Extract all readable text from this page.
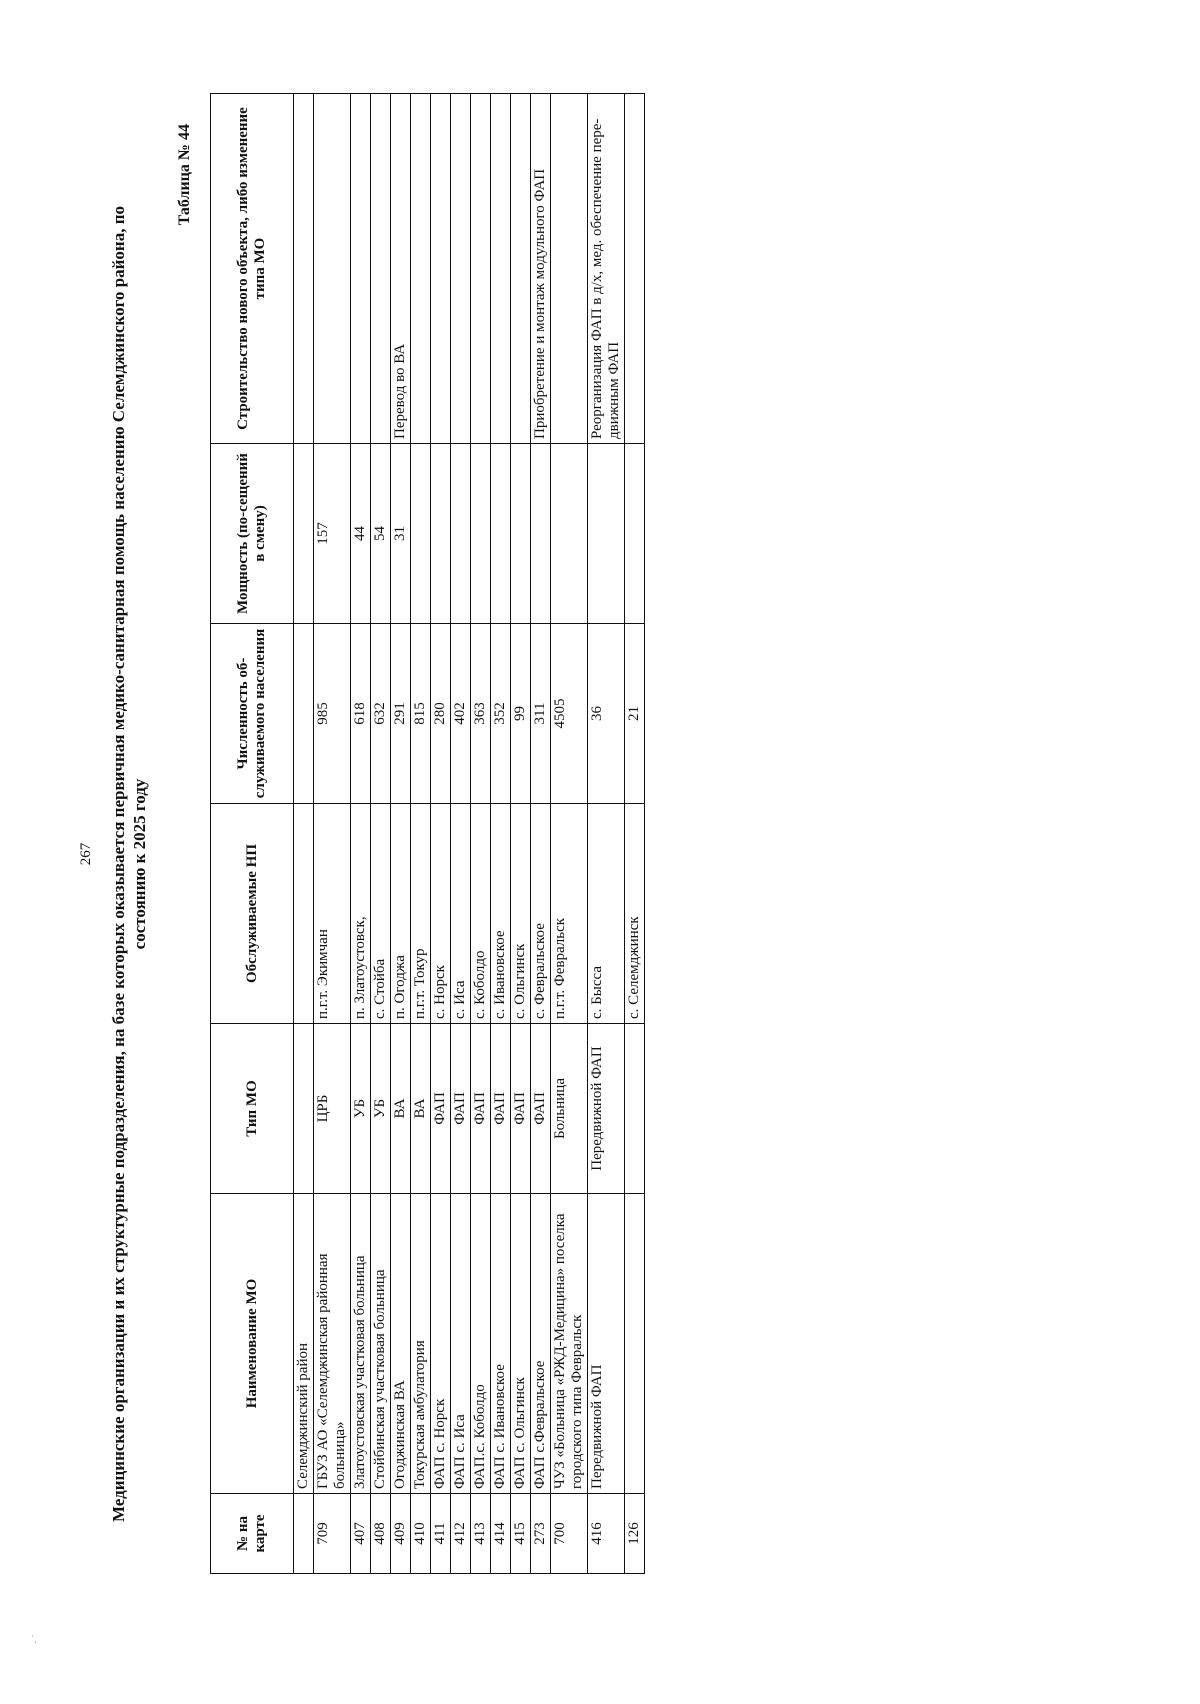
· ˙
267 Медицинские организации и их структурные подразделения, на базе которых оказывается первичная медико-санитарная помощь населению Селемджинского района, по состоянию к 2025 году
Таблица № 44
№ на карте	Наименование МО	Тип МО	Обслуживаемые НП	Численность об-служиваемого населения	Мощность (по-сещений в смену)	Строительство нового объекта, либо изменение типа МО
	Селемджинский район					
709	ГБУЗ АО «Селемджинская районная больница»	ЦРБ	п.г.т. Экимчан	985	157	
407	Златоустовская участковая больница	УБ	п. Златоустовск,	618	44	
408	Стойбинская участковая больница	УБ	с. Стойба	632	54	
409	Огоджинская ВА	ВА	п. Огоджа	291	31	Перевод во ВА
410	Токурская амбулатория	ВА	п.г.т. Токур	815		
411	ФАП с. Норск	ФАП	с. Норск	280		
412	ФАП с. Иса	ФАП	с. Иса	402		
413	ФАП.с. Коболдо	ФАП	с. Коболдо	363		
414	ФАП с. Ивановское	ФАП	с. Ивановское	352		
415	ФАП с. Ольгинск	ФАП	с. Ольгинск	99		
273	ФАП с.Февральское	ФАП	с. Февральское	311		Приобретение и монтаж модульного ФАП
700	ЧУЗ «Больница «РЖД-Медицина» поселка городского типа Февральск	Больница	п.г.т. Февральск	4505		
416	Передвижной ФАП	Передвижной ФАП	с. Бысса	36		Реорганизация ФАП в д/х, мед. обеспечение пере-движным ФАП
126			с. Селемджинск	21		
